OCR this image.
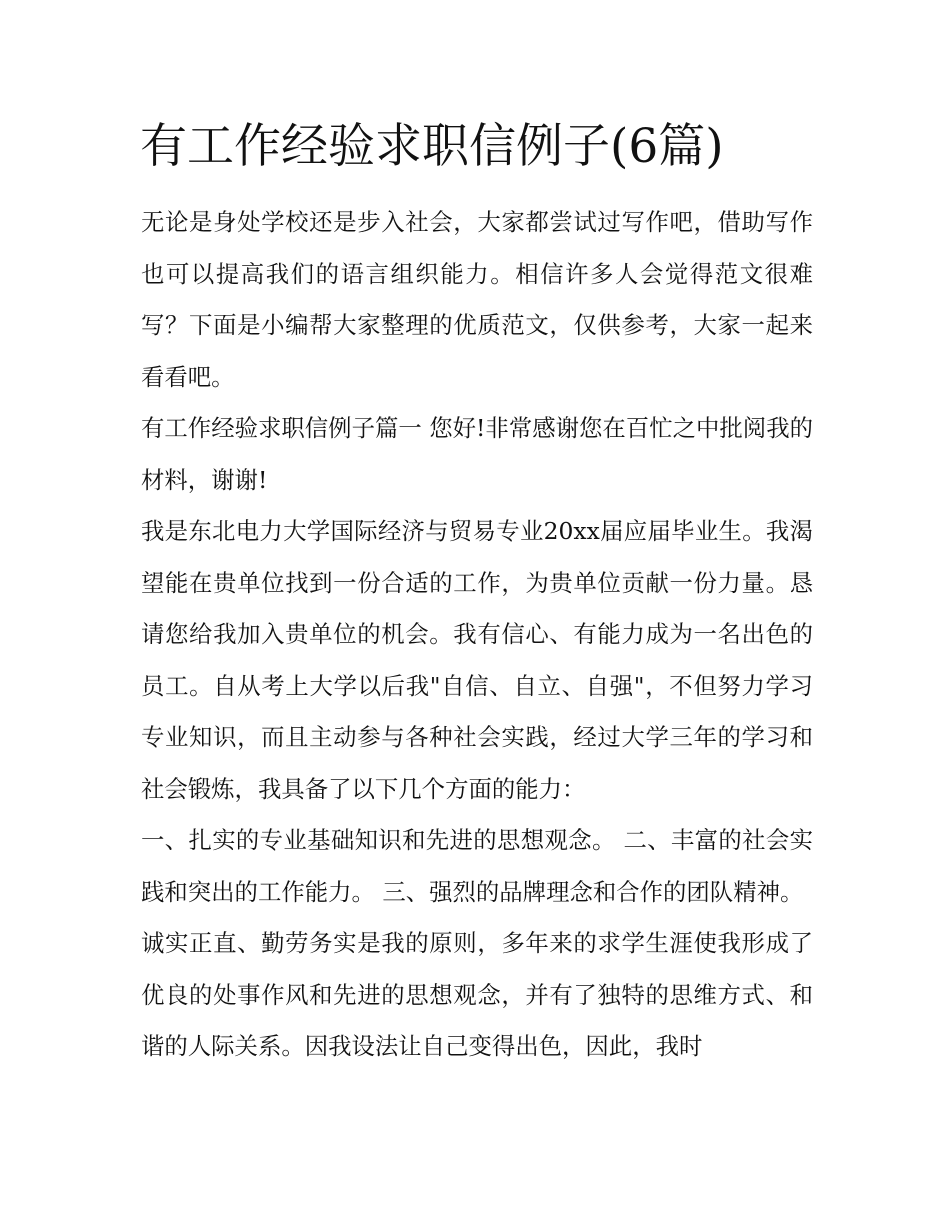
有工作经验求职信例子(6篇)

无论是身处学校还是步入社会，大家都尝试过写作吧，借助写作也可以提高我们的语言组织能力。相信许多人会觉得范文很难写？下面是小编帮大家整理的优质范文，仅供参考，大家一起来看看吧。

有工作经验求职信例子篇一 您好!非常感谢您在百忙之中批阅我的材料，谢谢!

我是东北电力大学国际经济与贸易专业20xx届应届毕业生。我渴望能在贵单位找到一份合适的工作，为贵单位贡献一份力量。恳请您给我加入贵单位的机会。我有信心、有能力成为一名出色的员工。自从考上大学以后我"自信、自立、自强"，不但努力学习专业知识，而且主动参与各种社会实践，经过大学三年的学习和社会锻炼，我具备了以下几个方面的能力：

一、扎实的专业基础知识和先进的思想观念。 二、丰富的社会实践和突出的工作能力。 三、强烈的品牌理念和合作的团队精神。

诚实正直、勤劳务实是我的原则，多年来的求学生涯使我形成了优良的处事作风和先进的思想观念，并有了独特的思维方式、和谐的人际关系。因我设法让自己变得出色，因此，我时
